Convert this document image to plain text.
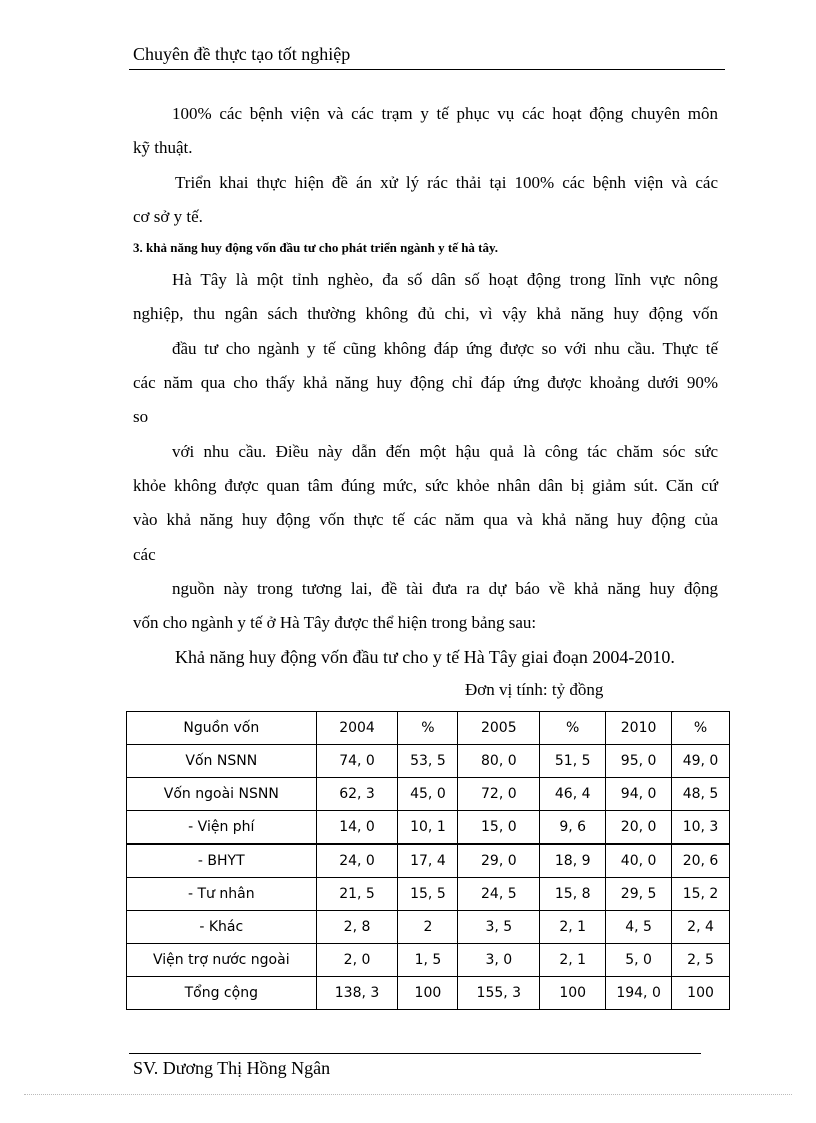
Chuyên đề thực tạo tốt nghiệp
100% các bệnh viện và các trạm y tế phục vụ các hoạt động chuyên môn
kỹ thuật.
Triển khai thực hiện đề án xử lý rác thải tại 100% các bệnh viện và các
cơ sở y tế.
3. khả năng huy động vốn đầu tư cho phát triển ngành y tế hà tây.
Hà Tây là một tỉnh nghèo, đa số dân số hoạt động trong lĩnh vực nông
nghiệp, thu ngân sách thường không đủ chi, vì vậy khả năng huy động vốn
đầu tư cho ngành y tế cũng không đáp ứng được so với nhu cầu. Thực tế
các năm qua cho thấy khả năng huy động chỉ đáp ứng được khoảng dưới 90%
so
với nhu cầu. Điều này dẫn đến một hậu quả là công tác chăm sóc sức
khỏe không được quan tâm đúng mức, sức khỏe nhân dân bị giảm sút. Căn cứ
vào khả năng huy động vốn thực tế các năm qua và khả năng huy động của
các
nguồn này trong tương lai, đề tài đưa ra dự báo về khả năng huy động
vốn cho ngành y tế ở Hà Tây được thể hiện trong bảng sau:
Khả năng huy động vốn đầu tư cho y tế Hà Tây giai đoạn 2004-2010.
Đơn vị tính: tỷ đồng
Nguồn vốn	2004	%	2005	%	2010	%
Vốn NSNN	74, 0	53, 5	80, 0	51, 5	95, 0	49, 0
Vốn ngoài NSNN	62, 3	45, 0	72, 0	46, 4	94, 0	48, 5
- Viện phí	14, 0	10, 1	15, 0	9, 6	20, 0	10, 3
- BHYT	24, 0	17, 4	29, 0	18, 9	40, 0	20, 6
- Tư nhân	21, 5	15, 5	24, 5	15, 8	29, 5	15, 2
- Khác	2, 8	2	3, 5	2, 1	4, 5	2, 4
Viện trợ nước ngoài	2, 0	1, 5	3, 0	2, 1	5, 0	2, 5
Tổng cộng	138, 3	100	155, 3	100	194, 0	100
SV. Dương Thị Hồng Ngân
